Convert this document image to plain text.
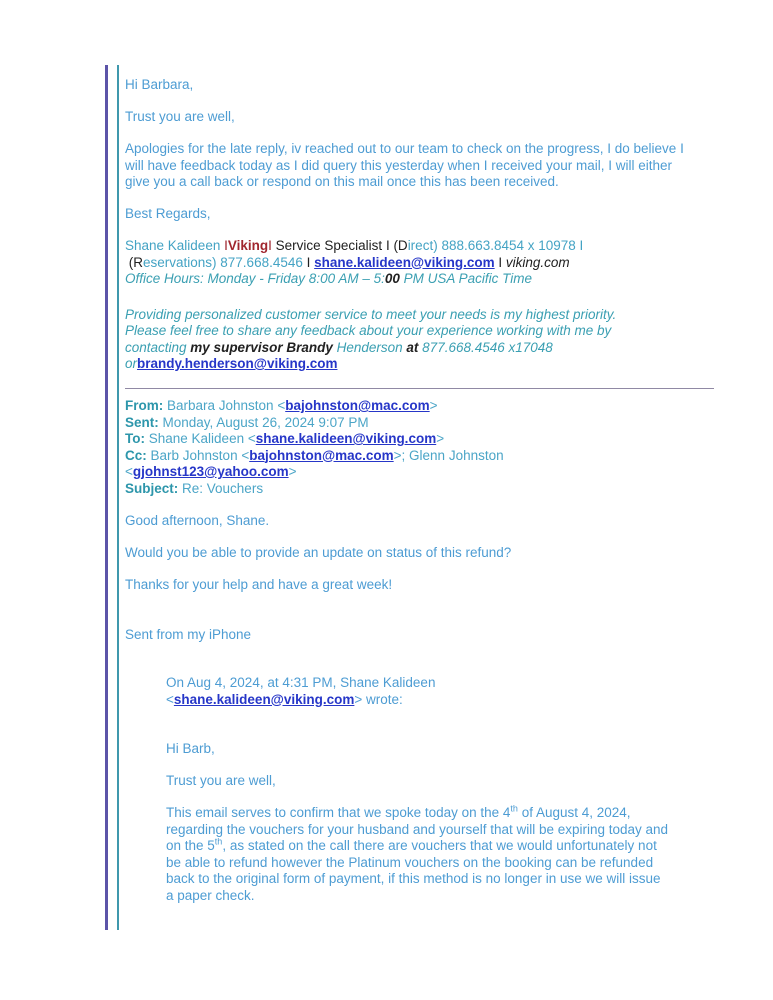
Hi Barbara,

Trust you are well,

Apologies for the late reply, iv reached out to our team to check on the progress, I do believe I will have feedback today as I did query this yesterday when I received your mail, I will either give you a call back or respond on this mail once this has been received.

Best Regards,

Shane Kalideen IVikingI Service Specialist I (Direct) 888.663.8454 x 10978 I
(Reservations) 877.668.4546 I shane.kalideen@viking.com I viking.com
Office Hours: Monday - Friday 8:00 AM – 5:00 PM USA Pacific Time

Providing personalized customer service to meet your needs is my highest priority.
Please feel free to share any feedback about your experience working with me by
contacting my supervisor Brandy Henderson at 877.668.4546 x17048
orbrandy.henderson@viking.com

From: Barbara Johnston <bajohnston@mac.com>
Sent: Monday, August 26, 2024 9:07 PM
To: Shane Kalideen <shane.kalideen@viking.com>
Cc: Barb Johnston <bajohnston@mac.com>; Glenn Johnston
<gjohnst123@yahoo.com>
Subject: Re: Vouchers

Good afternoon, Shane.

Would you be able to provide an update on status of this refund?

Thanks for your help and have a great week!

Sent from my iPhone

On Aug 4, 2024, at 4:31 PM, Shane Kalideen
<shane.kalideen@viking.com> wrote:

Hi Barb,

Trust you are well,

This email serves to confirm that we spoke today on the 4th of August 4, 2024, regarding the vouchers for your husband and yourself that will be expiring today and on the 5th, as stated on the call there are vouchers that we would unfortunately not be able to refund however the Platinum vouchers on the booking can be refunded back to the original form of payment, if this method is no longer in use we will issue a paper check.
